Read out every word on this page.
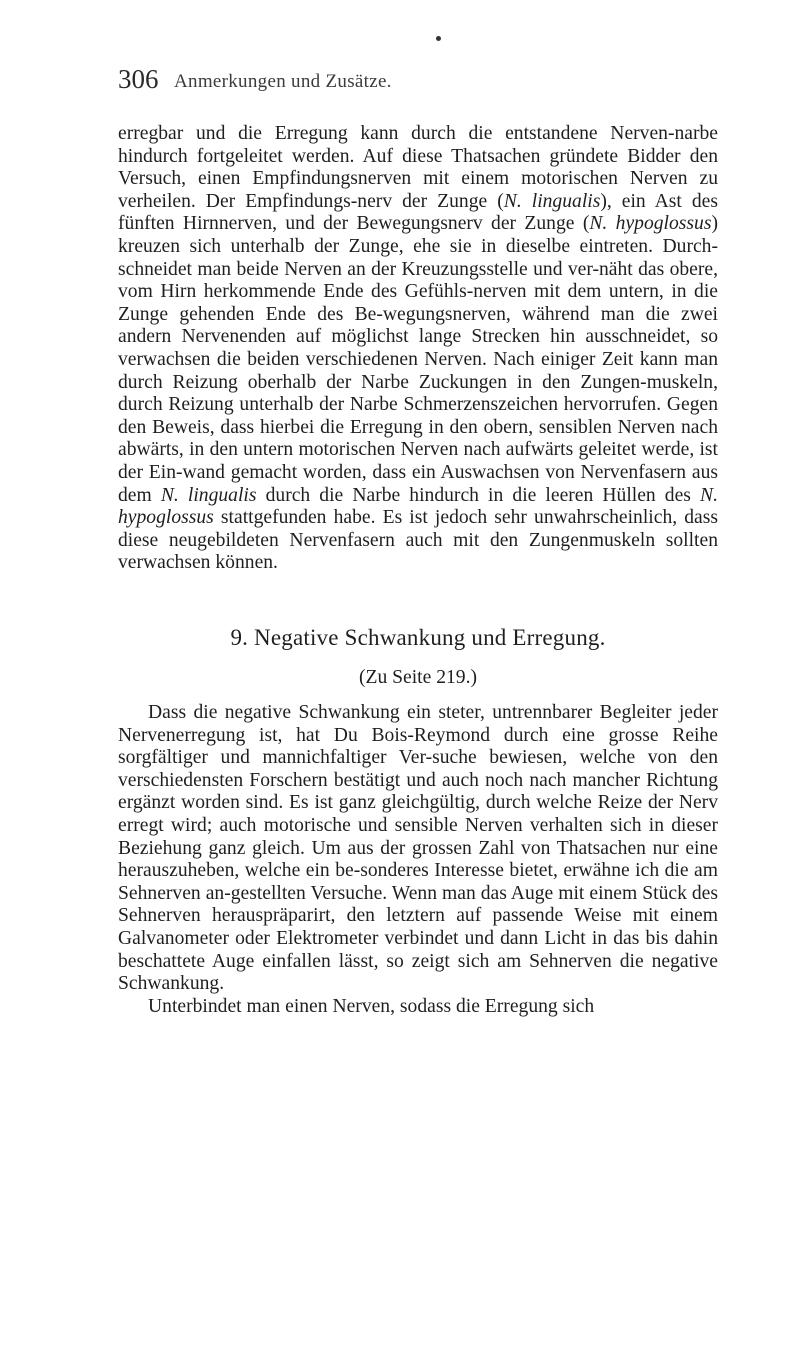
306 Anmerkungen und Zusätze.

erregbar und die Erregung kann durch die entstandene Nerven-narbe hindurch fortgeleitet werden. Auf diese Thatsachen gründete Bidder den Versuch, einen Empfindungsnerven mit einem motorischen Nerven zu verheilen. Der Empfindungs-nerv der Zunge (N. lingualis), ein Ast des fünften Hirnnerven, und der Bewegungsnerv der Zunge (N. hypoglossus) kreuzen sich unterhalb der Zunge, ehe sie in dieselbe eintreten. Durch-schneidet man beide Nerven an der Kreuzungsstelle und ver-näht das obere, vom Hirn herkommende Ende des Gefühls-nerven mit dem untern, in die Zunge gehenden Ende des Be-wegungsnerven, während man die zwei andern Nervenenden auf möglichst lange Strecken hin ausschneidet, so verwachsen die beiden verschiedenen Nerven. Nach einiger Zeit kann man durch Reizung oberhalb der Narbe Zuckungen in den Zungen-muskeln, durch Reizung unterhalb der Narbe Schmerzenszeichen hervorrufen. Gegen den Beweis, dass hierbei die Erregung in den obern, sensiblen Nerven nach abwärts, in den untern motorischen Nerven nach aufwärts geleitet werde, ist der Ein-wand gemacht worden, dass ein Auswachsen von Nervenfasern aus dem N. lingualis durch die Narbe hindurch in die leeren Hüllen des N. hypoglossus stattgefunden habe. Es ist jedoch sehr unwahrscheinlich, dass diese neugebildeten Nervenfasern auch mit den Zungenmuskeln sollten verwachsen können.

9. Negative Schwankung und Erregung.
(Zu Seite 219.)

Dass die negative Schwankung ein steter, untrennbarer Begleiter jeder Nervenerregung ist, hat Du Bois-Reymond durch eine grosse Reihe sorgfältiger und mannichfaltiger Ver-suche bewiesen, welche von den verschiedensten Forschern bestätigt und auch noch nach mancher Richtung ergänzt worden sind. Es ist ganz gleichgültig, durch welche Reize der Nerv erregt wird; auch motorische und sensible Nerven verhalten sich in dieser Beziehung ganz gleich. Um aus der grossen Zahl von Thatsachen nur eine herauszuheben, welche ein be-sonderes Interesse bietet, erwähne ich die am Sehnerven an-gestellten Versuche. Wenn man das Auge mit einem Stück des Sehnerven herauspräparirt, den letztern auf passende Weise mit einem Galvanometer oder Elektrometer verbindet und dann Licht in das bis dahin beschattete Auge einfallen lässt, so zeigt sich am Sehnerven die negative Schwankung.

Unterbindet man einen Nerven, sodass die Erregung sich
